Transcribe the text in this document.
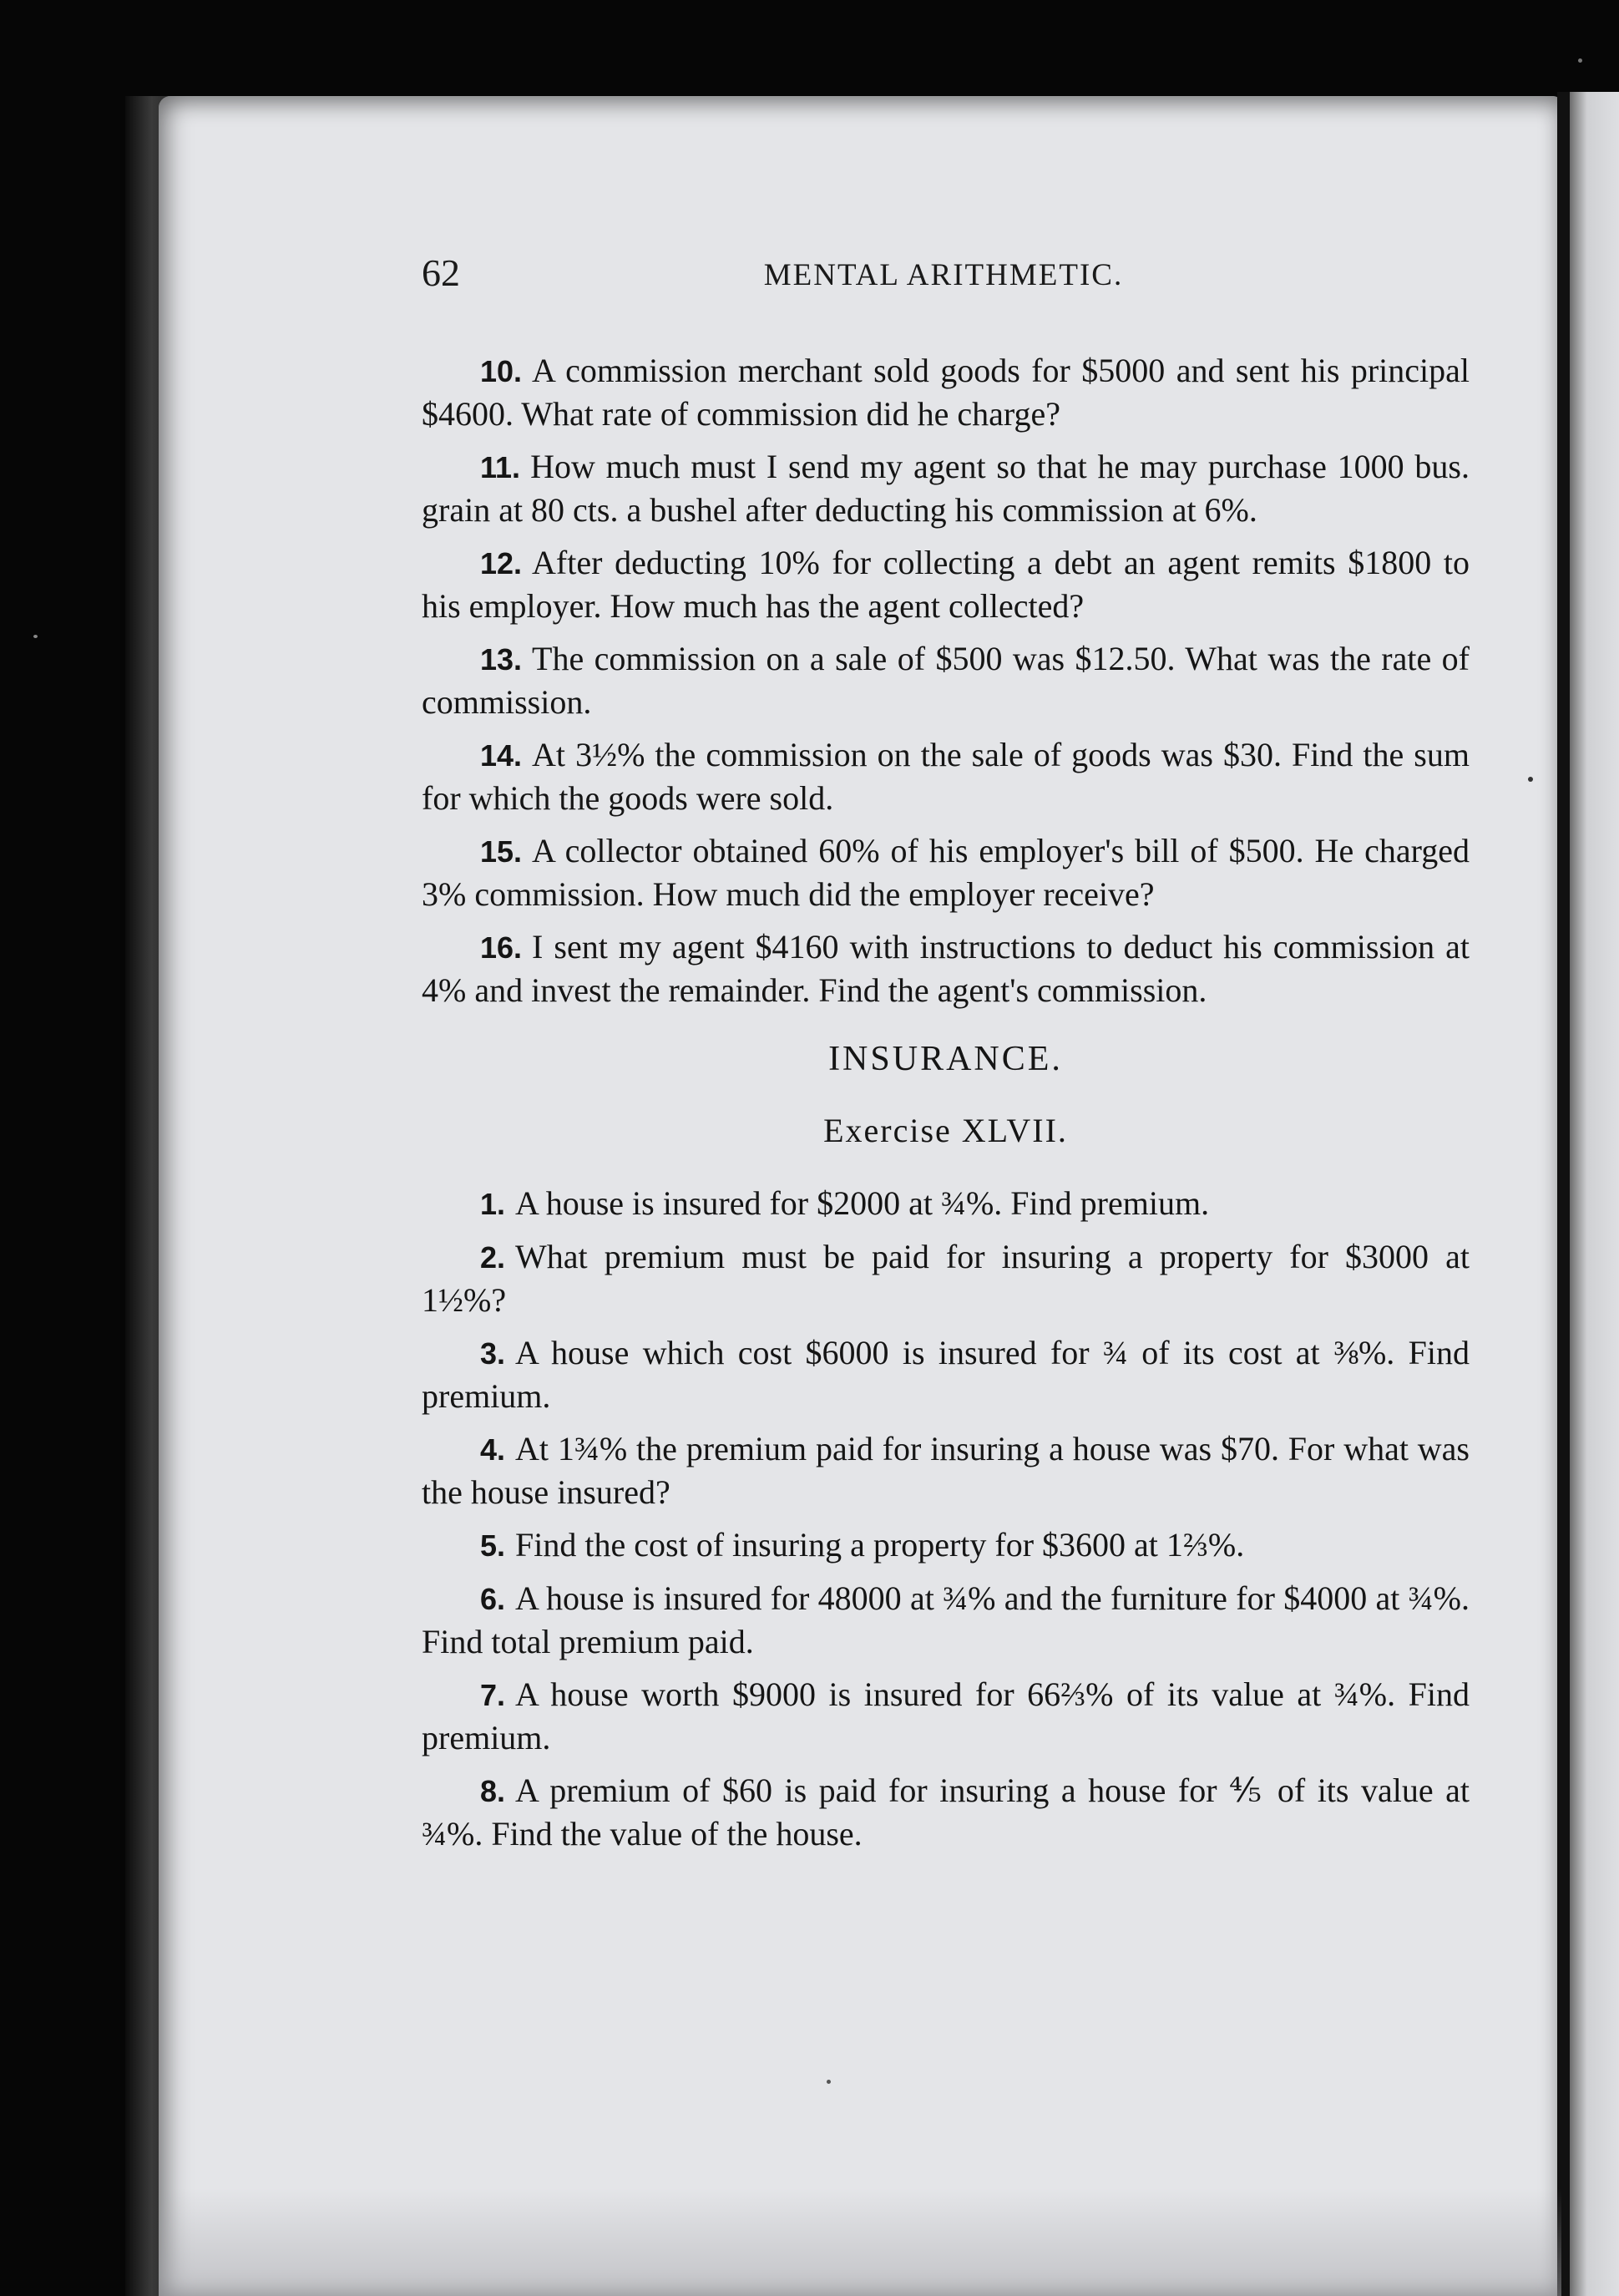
62	MENTAL ARITHMETIC.

10. A commission merchant sold goods for $5000 and sent his principal $4600. What rate of commission did he charge?

11. How much must I send my agent so that he may purchase 1000 bus. grain at 80 cts. a bushel after deducting his commission at 6%.

12. After deducting 10% for collecting a debt an agent remits $1800 to his employer. How much has the agent collected?

13. The commission on a sale of $500 was $12.50. What was the rate of commission.

14. At 3½% the commission on the sale of goods was $30. Find the sum for which the goods were sold.

15. A collector obtained 60% of his employer's bill of $500. He charged 3% commission. How much did the employer receive?

16. I sent my agent $4160 with instructions to deduct his commission at 4% and invest the remainder. Find the agent's commission.

INSURANCE.
Exercise XLVII.

1. A house is insured for $2000 at ¾%. Find premium.

2. What premium must be paid for insuring a property for $3000 at 1½%?

3. A house which cost $6000 is insured for ¾ of its cost at ⅜%. Find premium.

4. At 1¾% the premium paid for insuring a house was $70. For what was the house insured?

5. Find the cost of insuring a property for $3600 at 1⅔%.

6. A house is insured for 48000 at ¾% and the furniture for $4000 at ¾%. Find total premium paid.

7. A house worth $9000 is insured for 66⅔% of its value at ¾%. Find premium.

8. A premium of $60 is paid for insuring a house for ⅘ of its value at ¾%. Find the value of the house.
